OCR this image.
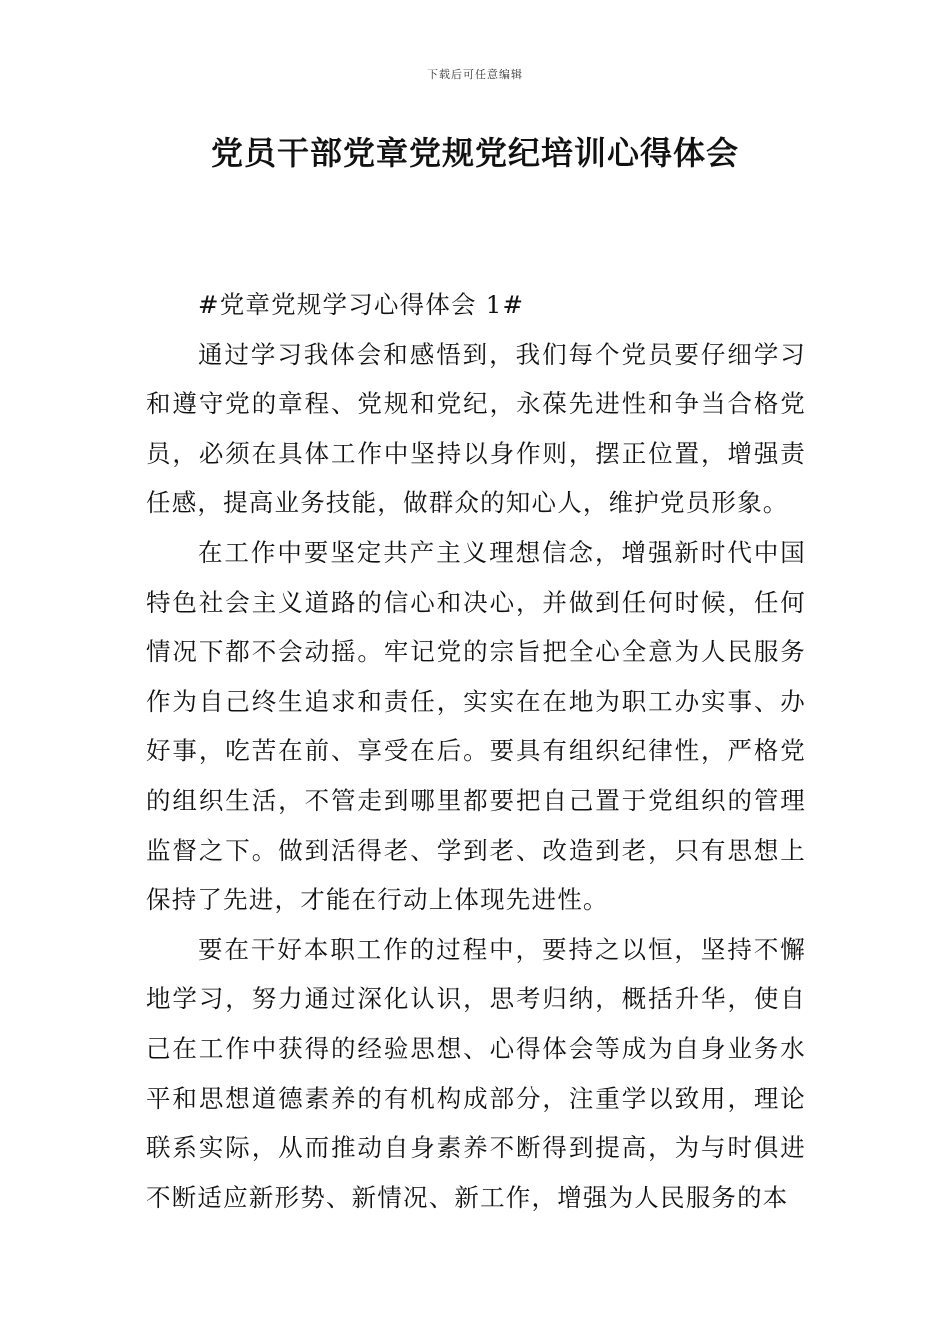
下载后可任意编辑
党员干部党章党规党纪培训心得体会

#党章党规学习心得体会 1#

通过学习我体会和感悟到，我们每个党员要仔细学习和遵守党的章程、党规和党纪，永葆先进性和争当合格党员，必须在具体工作中坚持以身作则，摆正位置，增强责任感，提高业务技能，做群众的知心人，维护党员形象。

在工作中要坚定共产主义理想信念，增强新时代中国特色社会主义道路的信心和决心，并做到任何时候，任何情况下都不会动摇。牢记党的宗旨把全心全意为人民服务作为自己终生追求和责任，实实在在地为职工办实事、办好事，吃苦在前、享受在后。要具有组织纪律性，严格党的组织生活，不管走到哪里都要把自己置于党组织的管理监督之下。做到活得老、学到老、改造到老，只有思想上保持了先进，才能在行动上体现先进性。

要在干好本职工作的过程中，要持之以恒，坚持不懈地学习，努力通过深化认识，思考归纳，概括升华，使自己在工作中获得的经验思想、心得体会等成为自身业务水平和思想道德素养的有机构成部分，注重学以致用，理论联系实际，从而推动自身素养不断得到提高，为与时俱进不断适应新形势、新情况、新工作，增强为人民服务的本
